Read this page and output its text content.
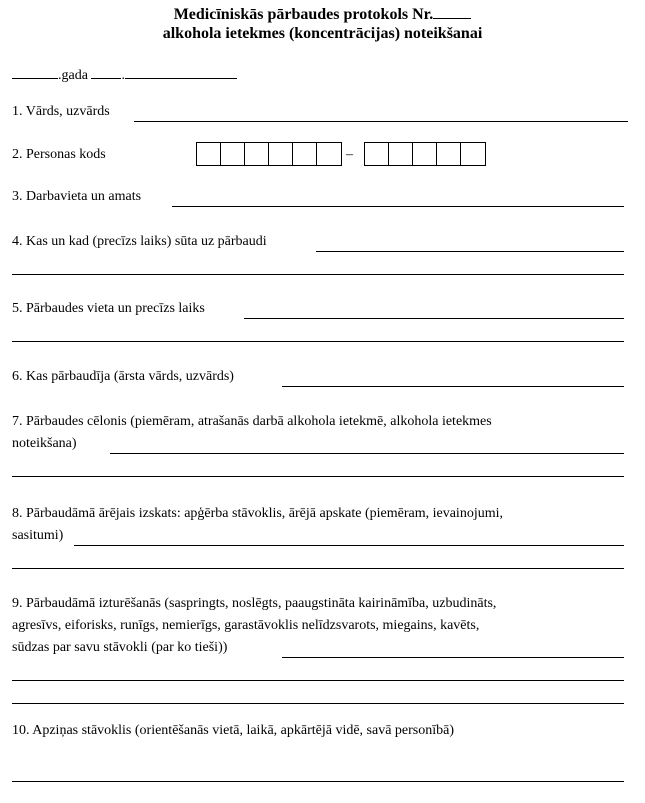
Medicīniskās pārbaudes protokols Nr.
alkohola ietekmes (koncentrācijas) noteikšanai
.gada .
1. Vārds, uzvārds
2. Personas kods	–
3. Darbavieta un amats
4. Kas un kad (precīzs laiks) sūta uz pārbaudi
5. Pārbaudes vieta un precīzs laiks
6. Kas pārbaudīja (ārsta vārds, uzvārds)
7. Pārbaudes cēlonis (piemēram, atrašanās darbā alkohola ietekmē, alkohola ietekmes
noteikšana)
8. Pārbaudāmā ārējais izskats: apģērba stāvoklis, ārējā apskate (piemēram, ievainojumi,
sasitumi)
9. Pārbaudāmā izturēšanās (saspringts, noslēgts, paaugstināta kairināmība, uzbudināts,
agresīvs, eiforisks, runīgs, nemierīgs, garastāvoklis nelīdzsvarots, miegains, kavēts,
sūdzas par savu stāvokli (par ko tieši))
10. Apziņas stāvoklis (orientēšanās vietā, laikā, apkārtējā vidē, savā personībā)
